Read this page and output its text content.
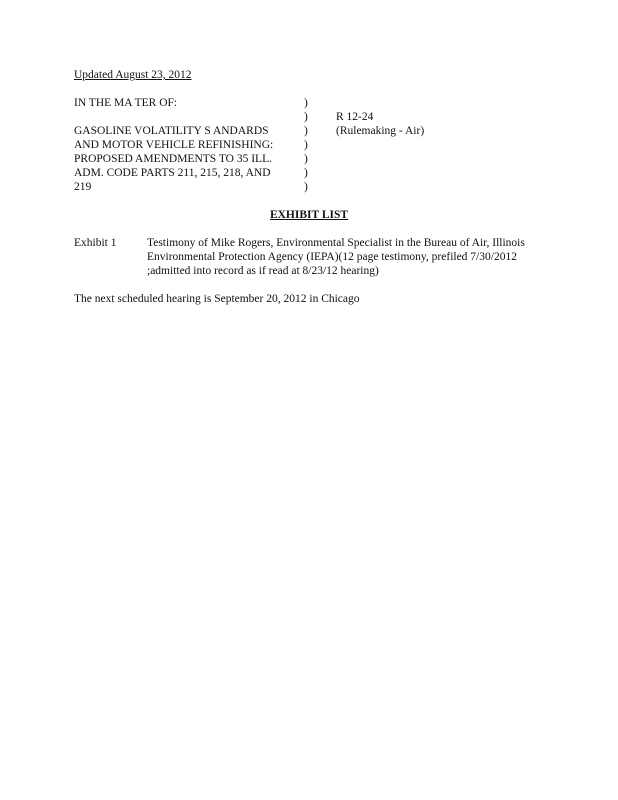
Updated August 23, 2012
IN THE MA TER OF:
GASOLINE VOLATILITY S ANDARDS
AND MOTOR VEHICLE REFINISHING:
PROPOSED AMENDMENTS TO 35 ILL.
ADM. CODE PARTS 211, 215, 218, AND
219
)
)
)
)
)
)
)
R 12-24
(Rulemaking - Air)
EXHIBIT LIST
Exhibit 1	Testimony of Mike Rogers, Environmental Specialist in the Bureau of Air, Illinois Environmental Protection Agency (IEPA)(12 page testimony, prefiled 7/30/2012 ;admitted into record as if read at 8/23/12 hearing)
The next scheduled hearing is September 20, 2012 in Chicago
